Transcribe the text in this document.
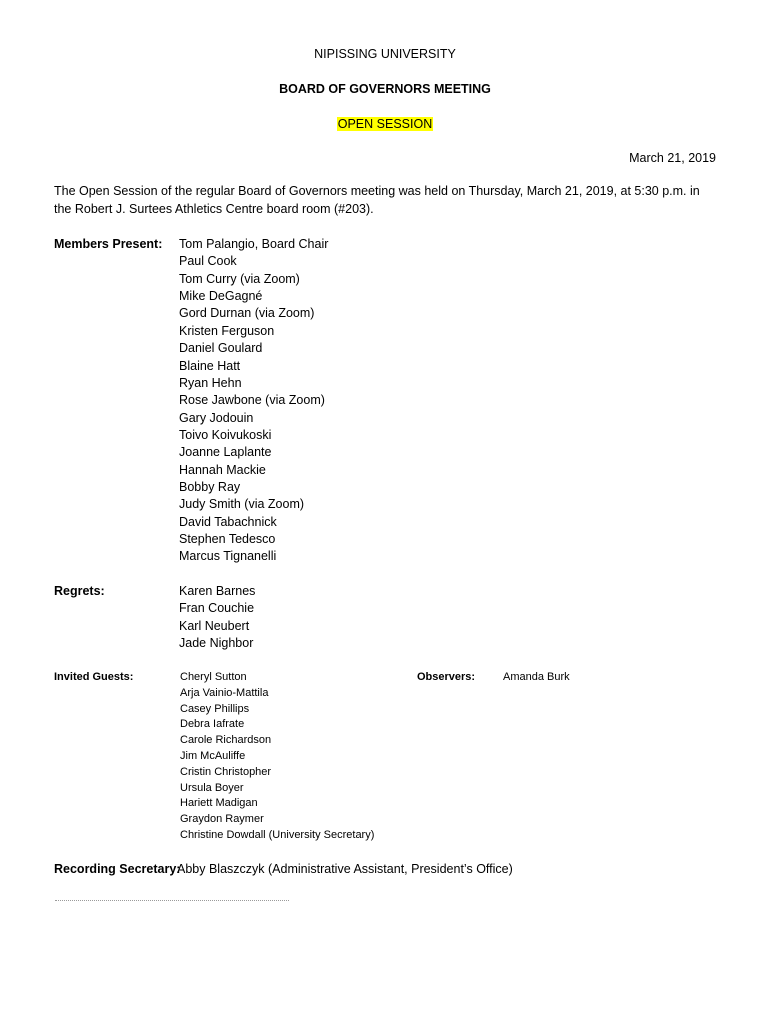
NIPISSING UNIVERSITY
BOARD OF GOVERNORS MEETING
OPEN SESSION
March 21, 2019
The Open Session of the regular Board of Governors meeting was held on Thursday, March 21, 2019, at 5:30 p.m. in the Robert J. Surtees Athletics Centre board room (#203).
Members Present: Tom Palangio, Board Chair
Paul Cook
Tom Curry (via Zoom)
Mike DeGagné
Gord Durnan (via Zoom)
Kristen Ferguson
Daniel Goulard
Blaine Hatt
Ryan Hehn
Rose Jawbone (via Zoom)
Gary Jodouin
Toivo Koivukoski
Joanne Laplante
Hannah Mackie
Bobby Ray
Judy Smith (via Zoom)
David Tabachnick
Stephen Tedesco
Marcus Tignanelli
Regrets:	Karen Barnes
Fran Couchie
Karl Neubert
Jade Nighbor
Invited Guests:	Cheryl Sutton
Arja Vainio-Mattila
Casey Phillips
Debra Iafrate
Carole Richardson
Jim McAuliffe
Cristin Christopher
Ursula Boyer
Hariett Madigan
Graydon Raymer
Christine Dowdall (University Secretary)
Observers:	Amanda Burk
Recording Secretary:
Abby Blaszczyk (Administrative Assistant, President’s Office)
